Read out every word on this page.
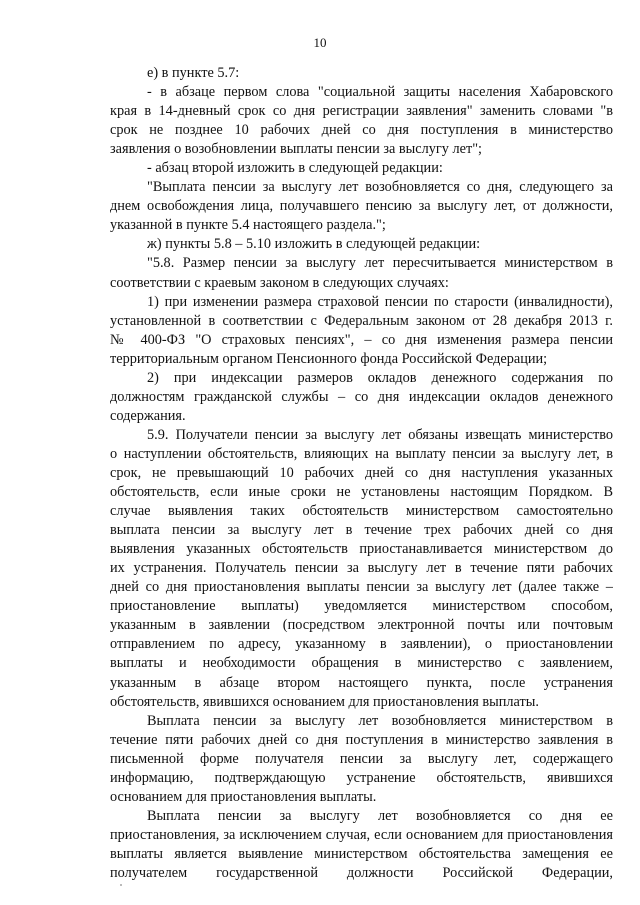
10
е) в пункте 5.7:
- в абзаце первом слова "социальной защиты населения Хабаровского
края в 14-дневный срок со дня регистрации заявления" заменить словами "в
срок не позднее 10 рабочих дней со дня поступления в министерство
заявления о возобновлении выплаты пенсии за выслугу лет";
- абзац второй изложить в следующей редакции:
"Выплата пенсии за выслугу лет возобновляется со дня, следующего за
днем освобождения лица, получавшего пенсию за выслугу лет, от должности,
указанной в пункте 5.4 настоящего раздела.";
ж) пункты 5.8 – 5.10 изложить в следующей редакции:
"5.8. Размер пенсии за выслугу лет пересчитывается министерством в
соответствии с краевым законом в следующих случаях:
1) при изменении размера страховой пенсии по старости (инвалидности),
установленной в соответствии с Федеральным законом от 28 декабря 2013 г.
№ 400-ФЗ "О страховых пенсиях", – со дня изменения размера пенсии
территориальным органом Пенсионного фонда Российской Федерации;
2) при индексации размеров окладов денежного содержания по
должностям гражданской службы – со дня индексации окладов денежного
содержания.
5.9. Получатели пенсии за выслугу лет обязаны извещать министерство
о наступлении обстоятельств, влияющих на выплату пенсии за выслугу лет, в
срок, не превышающий 10 рабочих дней со дня наступления указанных
обстоятельств, если иные сроки не установлены настоящим Порядком. В
случае выявления таких обстоятельств министерством самостоятельно
выплата пенсии за выслугу лет в течение трех рабочих дней со дня
выявления указанных обстоятельств приостанавливается министерством до
их устранения. Получатель пенсии за выслугу лет в течение пяти рабочих
дней со дня приостановления выплаты пенсии за выслугу лет (далее также –
приостановление выплаты) уведомляется министерством способом,
указанным в заявлении (посредством электронной почты или почтовым
отправлением по адресу, указанному в заявлении), о приостановлении
выплаты и необходимости обращения в министерство с заявлением,
указанным в абзаце втором настоящего пункта, после устранения
обстоятельств, явившихся основанием для приостановления выплаты.
Выплата пенсии за выслугу лет возобновляется министерством в
течение пяти рабочих дней со дня поступления в министерство заявления в
письменной форме получателя пенсии за выслугу лет, содержащего
информацию, подтверждающую устранение обстоятельств, явившихся
основанием для приостановления выплаты.
Выплата пенсии за выслугу лет возобновляется со дня ее
приостановления, за исключением случая, если основанием для приостановления
выплаты является выявление министерством обстоятельства замещения ее
получателем государственной должности Российской Федерации,
